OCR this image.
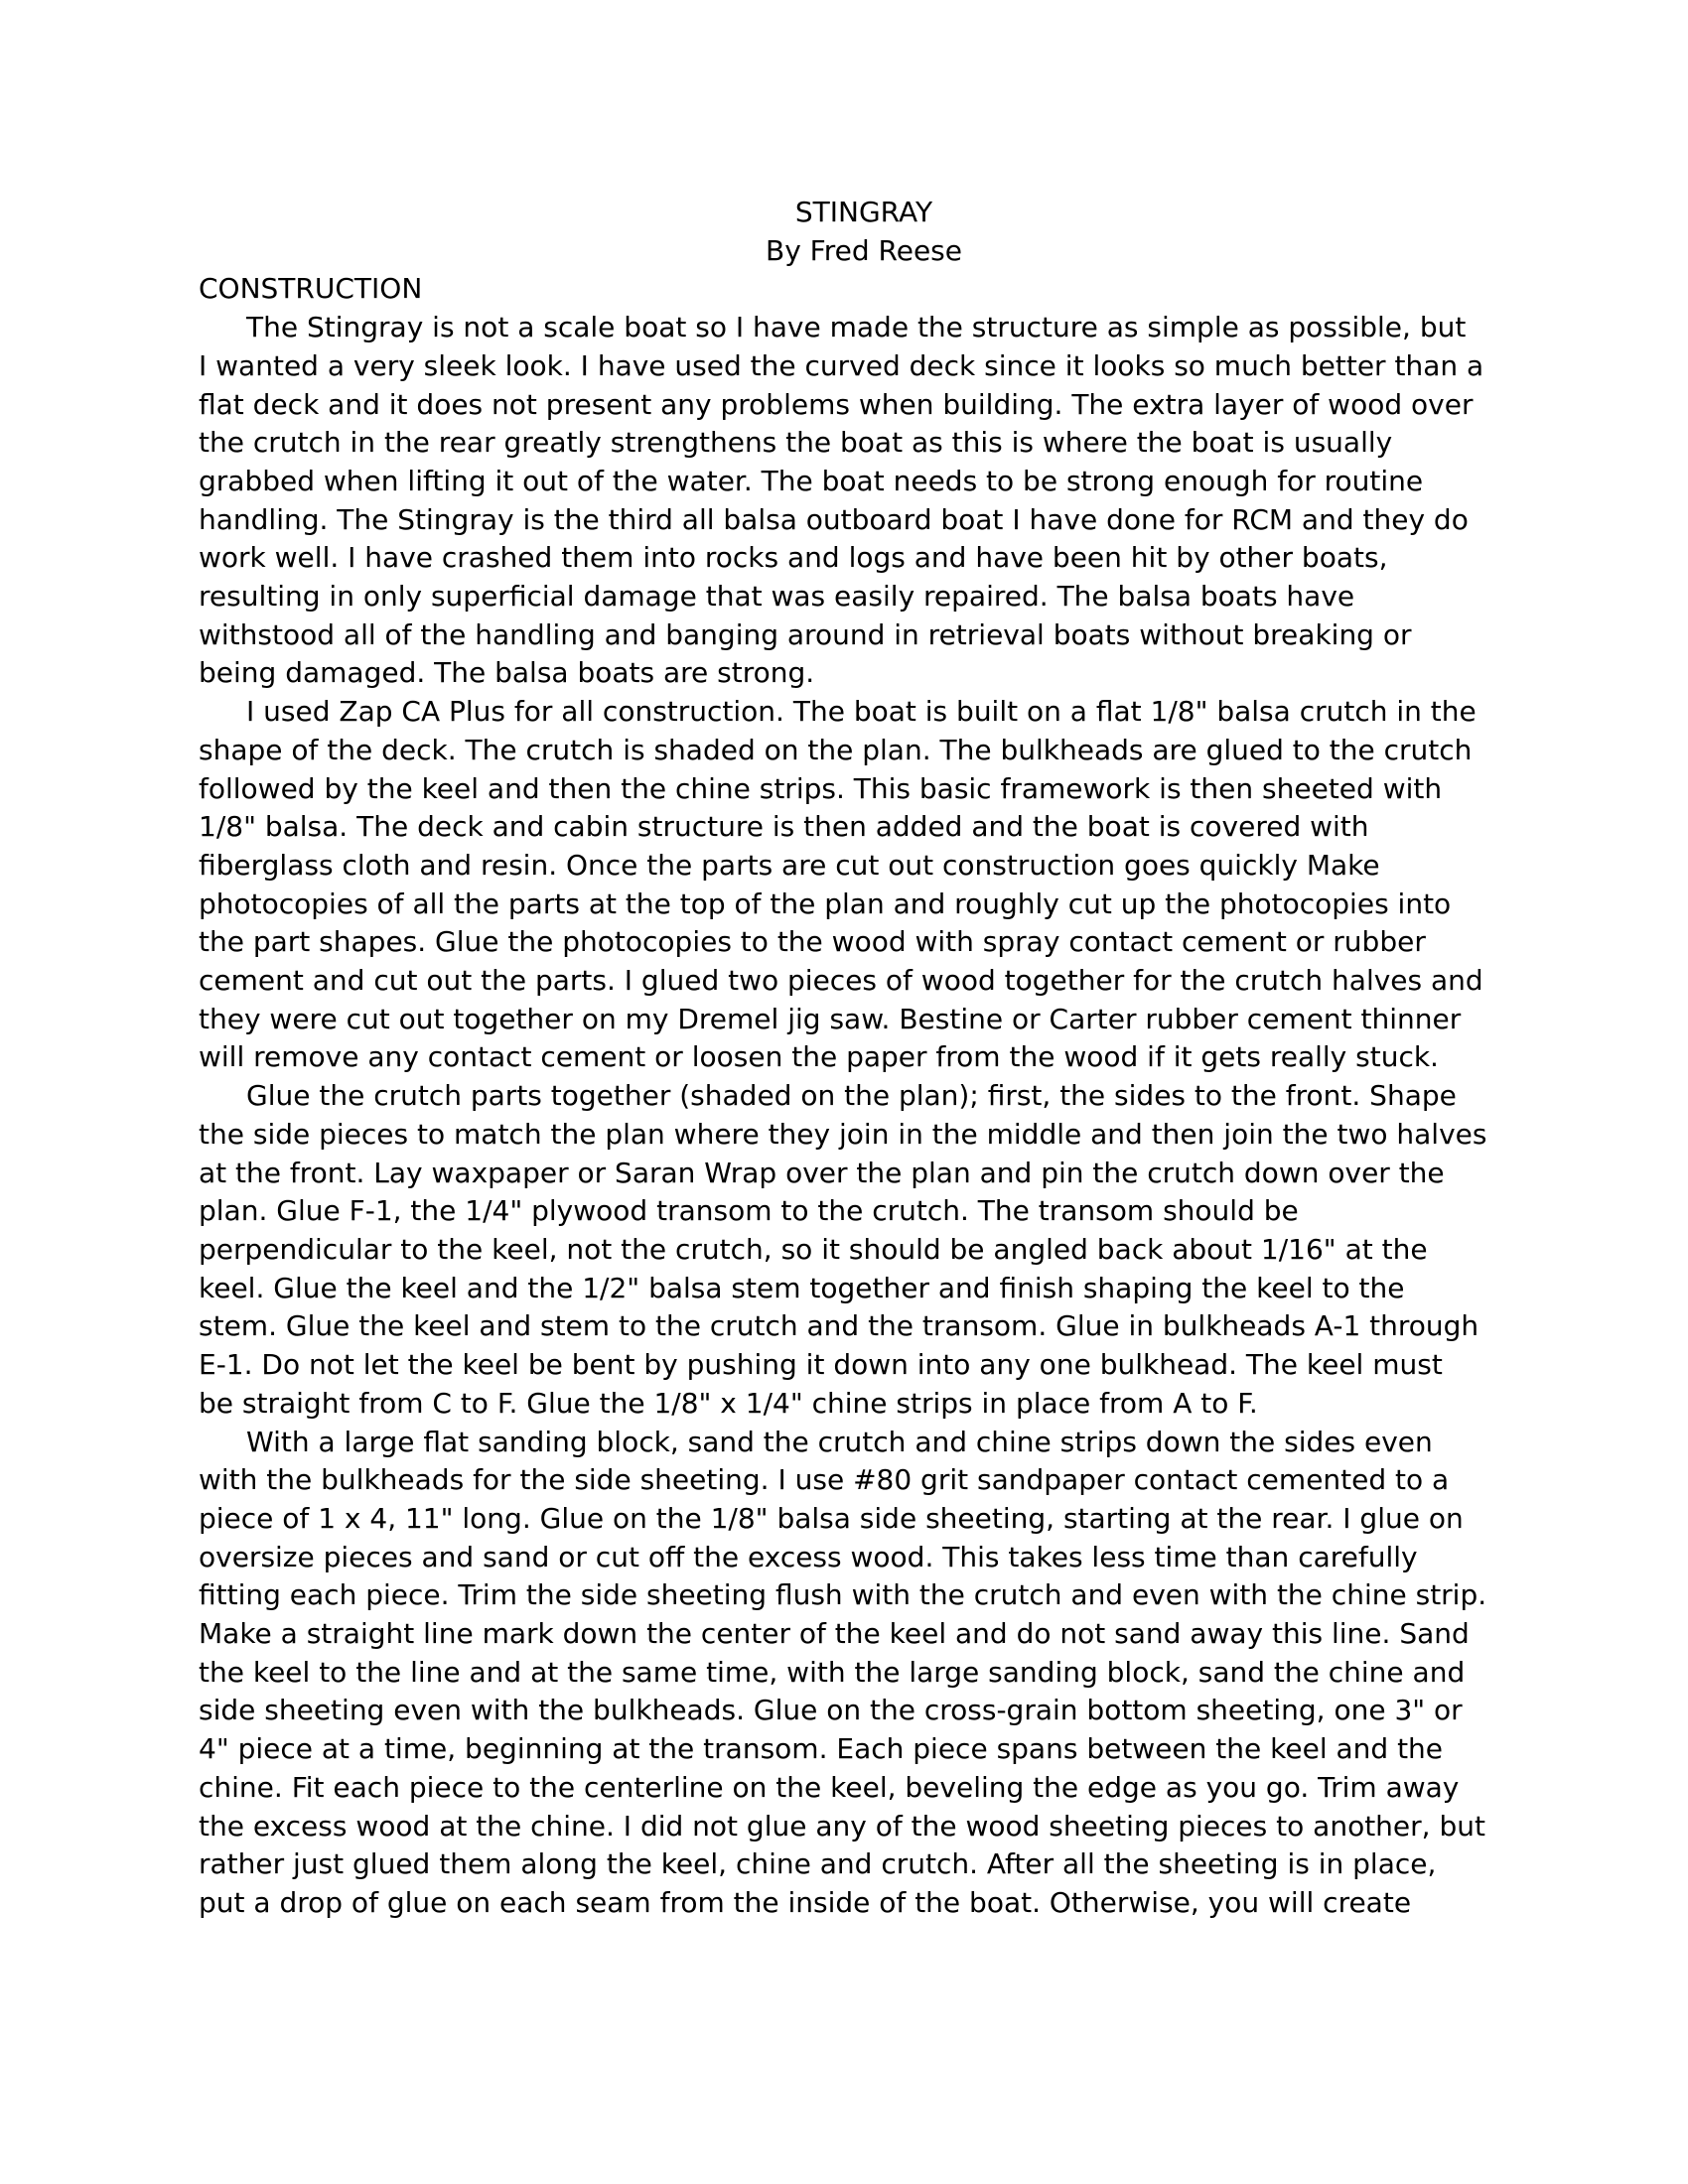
STINGRAY

By Fred Reese

CONSTRUCTION

The Stingray is not a scale boat so I have made the structure as simple as possible, but
I wanted a very sleek look. I have used the curved deck since it looks so much better than a
flat deck and it does not present any problems when building. The extra layer of wood over
the crutch in the rear greatly strengthens the boat as this is where the boat is usually
grabbed when lifting it out of the water. The boat needs to be strong enough for routine
handling. The Stingray is the third all balsa outboard boat I have done for RCM and they do
work well. I have crashed them into rocks and logs and have been hit by other boats,
resulting in only superficial damage that was easily repaired. The balsa boats have
withstood all of the handling and banging around in retrieval boats without breaking or
being damaged. The balsa boats are strong.
I used Zap CA Plus for all construction. The boat is built on a flat 1/8" balsa crutch in the
shape of the deck. The crutch is shaded on the plan. The bulkheads are glued to the crutch
followed by the keel and then the chine strips. This basic framework is then sheeted with
1/8" balsa. The deck and cabin structure is then added and the boat is covered with
fiberglass cloth and resin. Once the parts are cut out construction goes quickly Make
photocopies of all the parts at the top of the plan and roughly cut up the photocopies into
the part shapes. Glue the photocopies to the wood with spray contact cement or rubber
cement and cut out the parts. I glued two pieces of wood together for the crutch halves and
they were cut out together on my Dremel jig saw. Bestine or Carter rubber cement thinner
will remove any contact cement or loosen the paper from the wood if it gets really stuck.
Glue the crutch parts together (shaded on the plan); first, the sides to the front. Shape
the side pieces to match the plan where they join in the middle and then join the two halves
at the front. Lay waxpaper or Saran Wrap over the plan and pin the crutch down over the
plan. Glue F-1, the 1/4" plywood transom to the crutch. The transom should be
perpendicular to the keel, not the crutch, so it should be angled back about 1/16" at the
keel. Glue the keel and the 1/2" balsa stem together and finish shaping the keel to the
stem. Glue the keel and stem to the crutch and the transom. Glue in bulkheads A-1 through
E-1. Do not let the keel be bent by pushing it down into any one bulkhead. The keel must
be straight from C to F. Glue the 1/8" x 1/4" chine strips in place from A to F.
With a large flat sanding block, sand the crutch and chine strips down the sides even
with the bulkheads for the side sheeting. I use #80 grit sandpaper contact cemented to a
piece of 1 x 4, 11" long. Glue on the 1/8" balsa side sheeting, starting at the rear. I glue on
oversize pieces and sand or cut off the excess wood. This takes less time than carefully
fitting each piece. Trim the side sheeting flush with the crutch and even with the chine strip.
Make a straight line mark down the center of the keel and do not sand away this line. Sand
the keel to the line and at the same time, with the large sanding block, sand the chine and
side sheeting even with the bulkheads. Glue on the cross-grain bottom sheeting, one 3" or
4" piece at a time, beginning at the transom. Each piece spans between the keel and the
chine. Fit each piece to the centerline on the keel, beveling the edge as you go. Trim away
the excess wood at the chine. I did not glue any of the wood sheeting pieces to another, but
rather just glued them along the keel, chine and crutch. After all the sheeting is in place,
put a drop of glue on each seam from the inside of the boat. Otherwise, you will create
